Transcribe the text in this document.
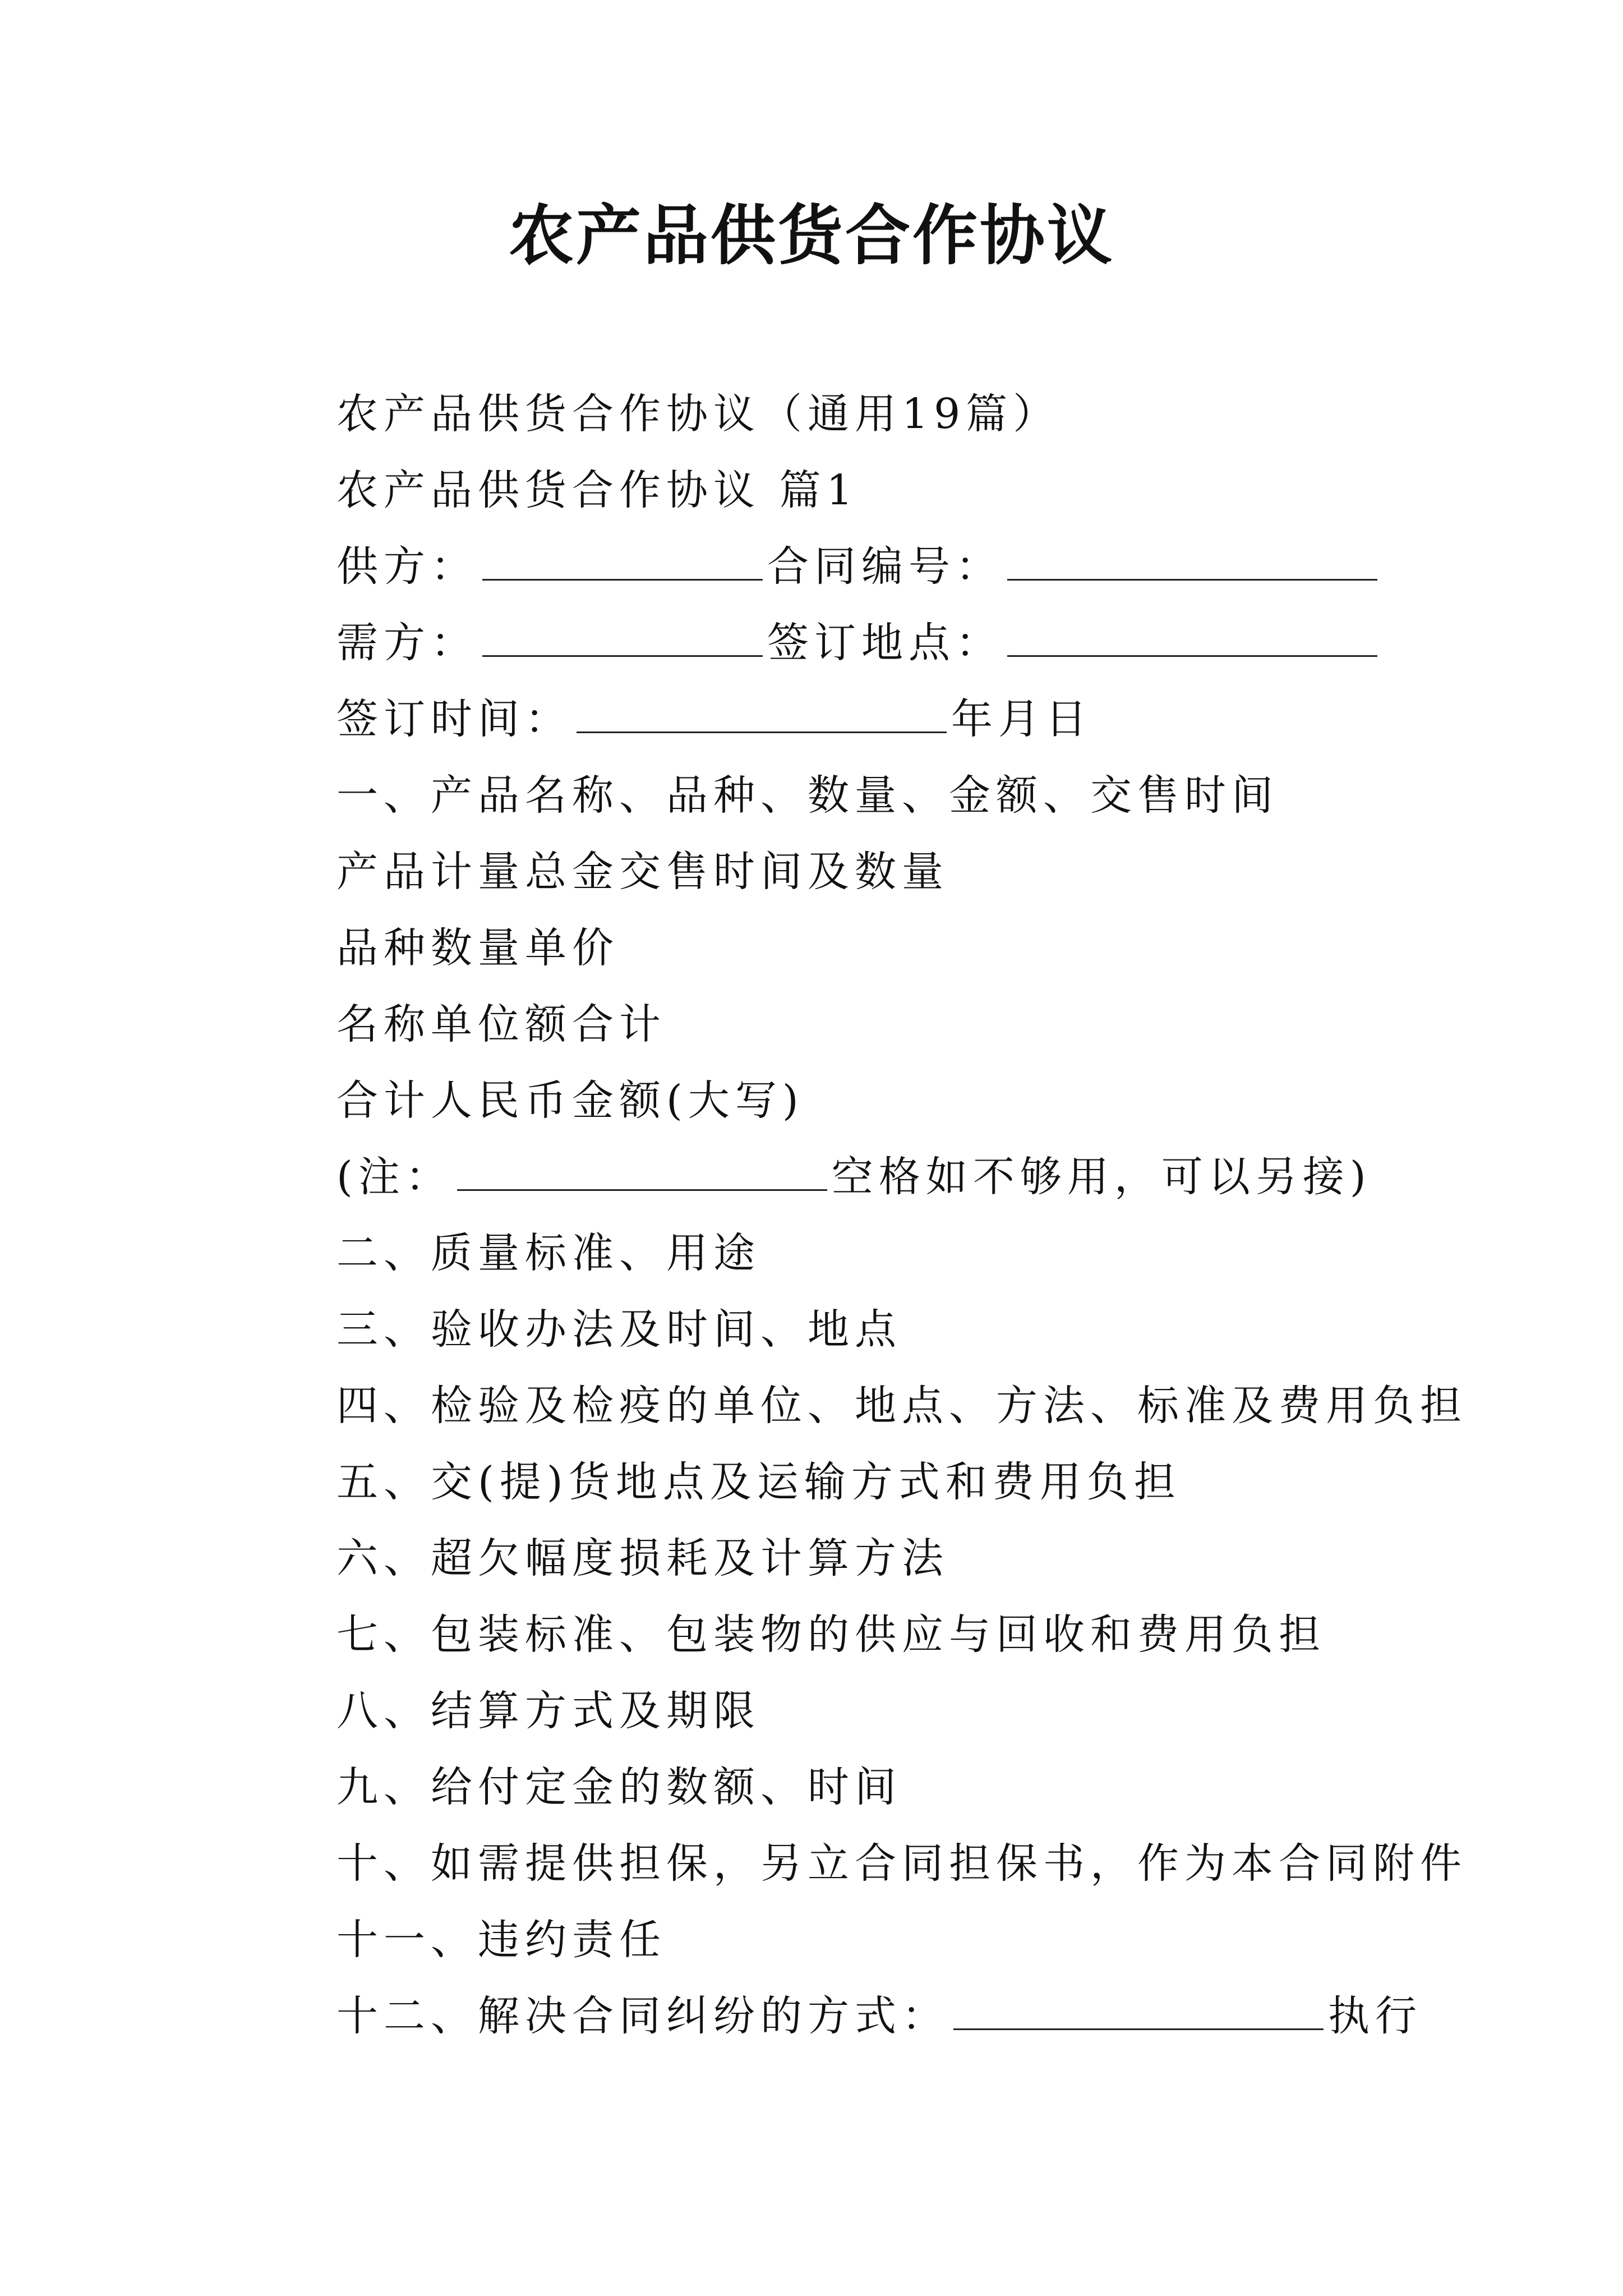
农产品供货合作协议
农产品供货合作协议（通用19篇）
农产品供货合作协议 篇1
供方：	合同编号：
需方：	签订地点：
签订时间：	年月日
一、产品名称、品种、数量、金额、交售时间
产品计量总金交售时间及数量
品种数量单价
名称单位额合计
合计人民币金额(大写)
(注：	空格如不够用，可以另接)
二、质量标准、用途
三、验收办法及时间、地点
四、检验及检疫的单位、地点、方法、标准及费用负担
五、交(提)货地点及运输方式和费用负担
六、超欠幅度损耗及计算方法
七、包装标准、包装物的供应与回收和费用负担
八、结算方式及期限
九、给付定金的数额、时间
十、如需提供担保，另立合同担保书，作为本合同附件
十一、违约责任
十二、解决合同纠纷的方式：	执行
